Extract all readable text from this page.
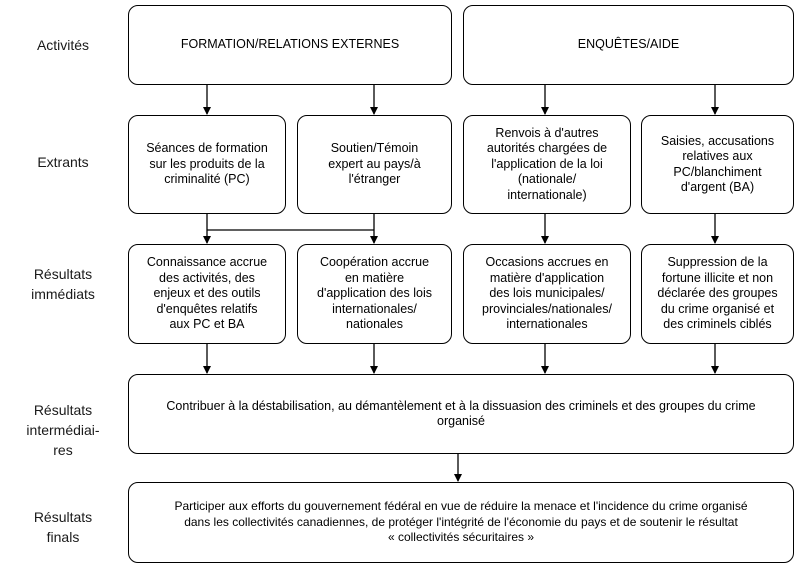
Activités
Extrants
Résultats
immédiats
Résultats
intermédiai-
res
Résultats
finals
FORMATION/RELATIONS EXTERNES	ENQUÊTES/AIDE
Séances de formation
sur les produits de la
criminalité (PC)
Soutien/Témoin
expert au pays/à
l'étranger
Renvois à d'autres
autorités chargées de
l'application de la loi
(nationale/
internationale)
Saisies, accusations
relatives aux
PC/blanchiment
d'argent (BA)
Connaissance accrue
des activités, des
enjeux et des outils
d'enquêtes relatifs
aux PC et BA
Coopération accrue
en matière
d'application des lois
internationales/
nationales
Occasions accrues en
matière d'application
des lois municipales/
provinciales/nationales/
internationales
Suppression de la
fortune illicite et non
déclarée des groupes
du crime organisé et
des criminels ciblés
Contribuer à la déstabilisation, au démantèlement et à la dissuasion des criminels et des groupes du crime
organisé
Participer aux efforts du gouvernement fédéral en vue de réduire la menace et l'incidence du crime organisé
dans les collectivités canadiennes, de protéger l'intégrité de l'économie du pays et de soutenir le résultat
« collectivités sécuritaires »
